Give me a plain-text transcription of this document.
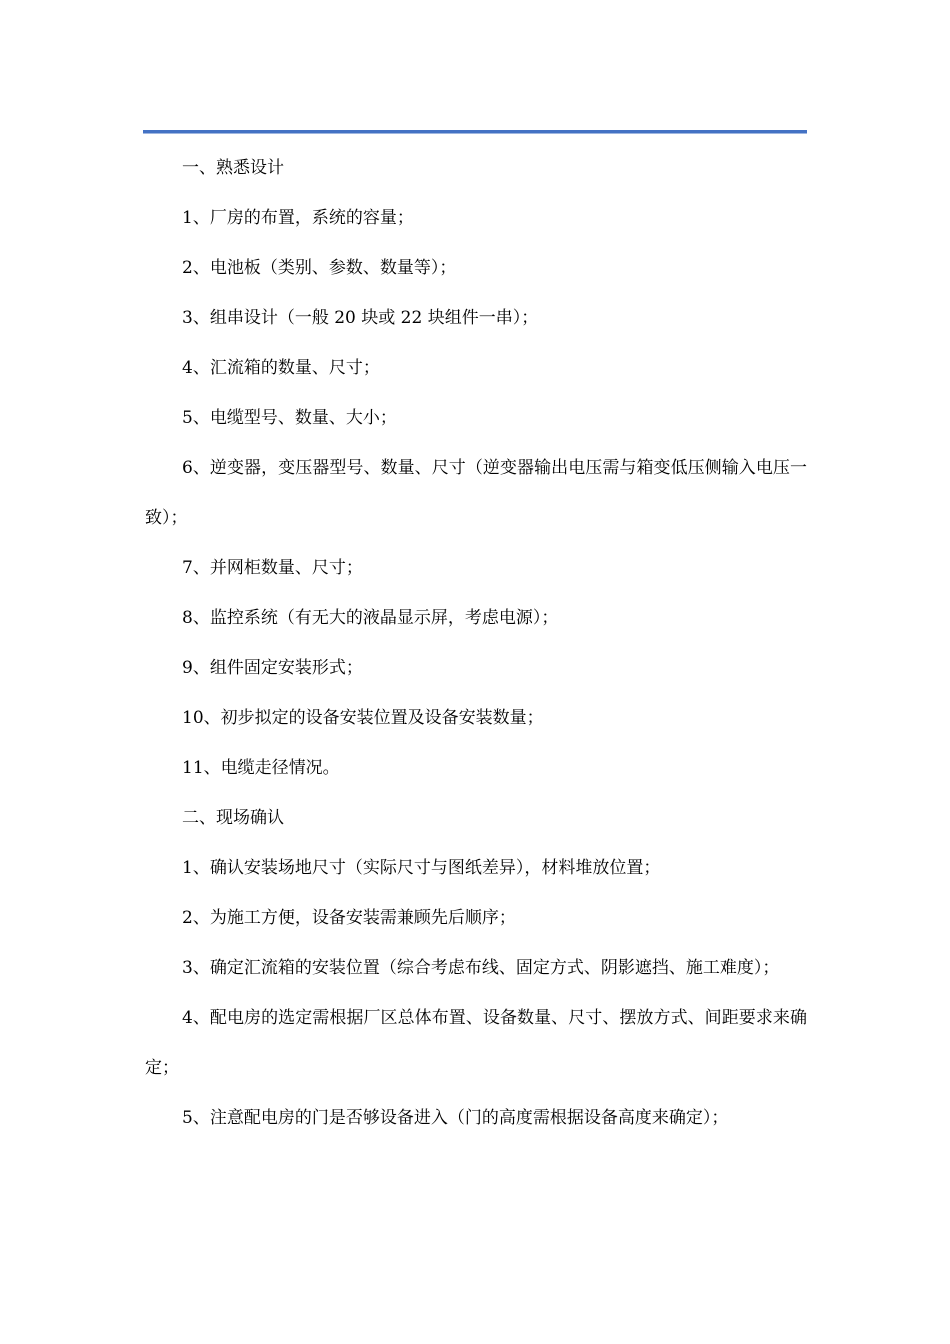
一、熟悉设计

1、厂房的布置，系统的容量；

2、电池板（类别、参数、数量等）；

3、组串设计（一般 20 块或 22 块组件一串）；

4、汇流箱的数量、尺寸；

5、电缆型号、数量、大小；

6、逆变器，变压器型号、数量、尺寸（逆变器输出电压需与箱变低压侧输入电压一致）；

7、并网柜数量、尺寸；

8、监控系统（有无大的液晶显示屏，考虑电源）；

9、组件固定安装形式；

10、初步拟定的设备安装位置及设备安装数量；

11、电缆走径情况。

二、现场确认

1、确认安装场地尺寸（实际尺寸与图纸差异），材料堆放位置；

2、为施工方便，设备安装需兼顾先后顺序；

3、确定汇流箱的安装位置（综合考虑布线、固定方式、阴影遮挡、施工难度）；

4、配电房的选定需根据厂区总体布置、设备数量、尺寸、摆放方式、间距要求来确定；

5、注意配电房的门是否够设备进入（门的高度需根据设备高度来确定）；
